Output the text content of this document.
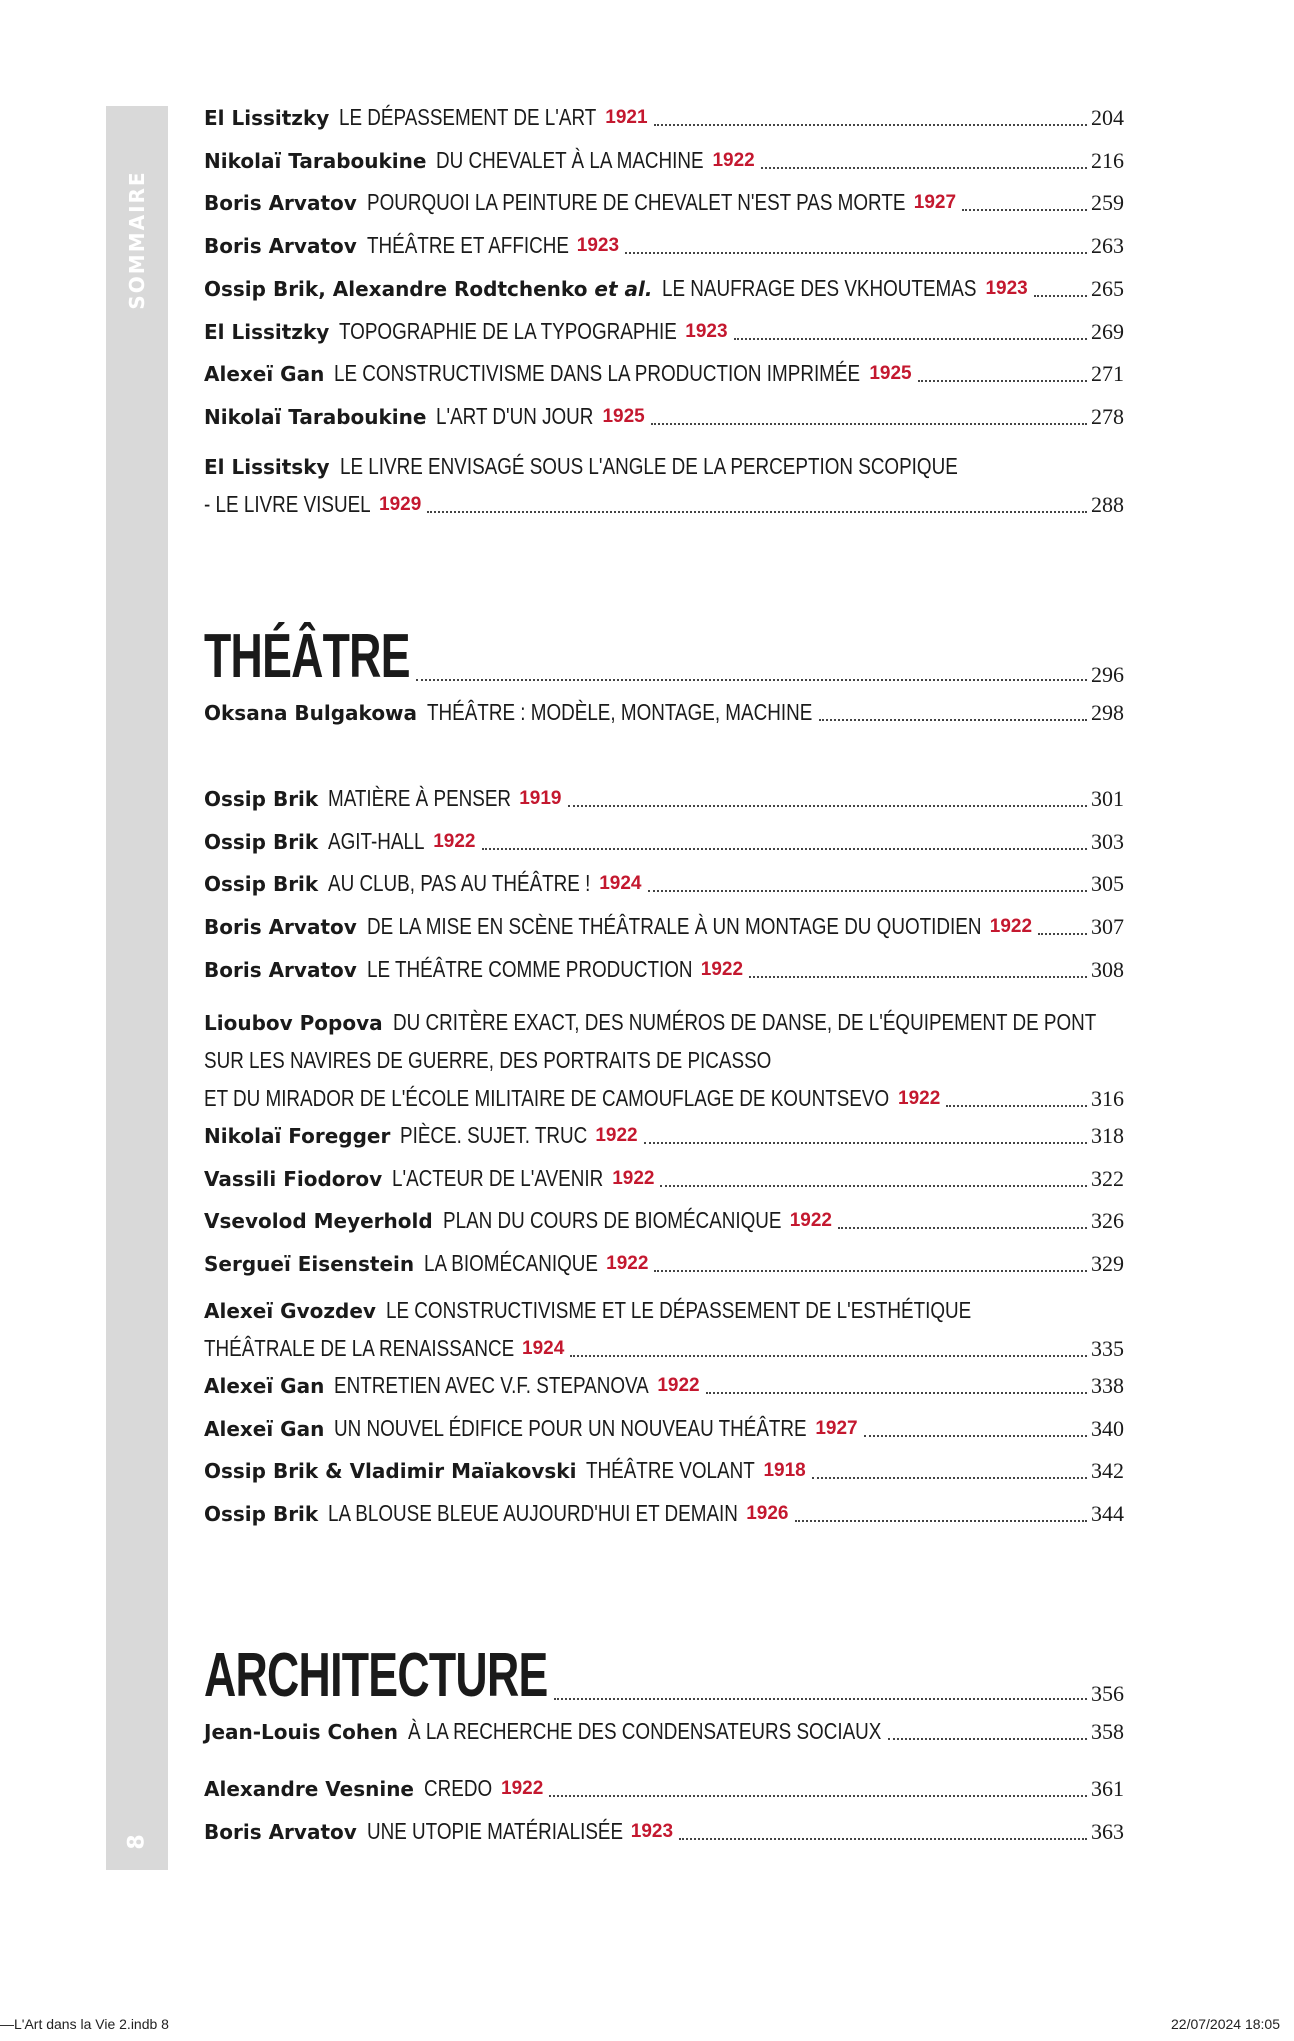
SOMMAIRE
8
El Lissitzky LE DÉPASSEMENT DE L'ART 1921	204
Nikolaï Taraboukine DU CHEVALET À LA MACHINE 1922	216
Boris Arvatov POURQUOI LA PEINTURE DE CHEVALET N'EST PAS MORTE 1927	259
Boris Arvatov THÉÂTRE ET AFFICHE 1923	263
Ossip Brik, Alexandre Rodtchenko et al. LE NAUFRAGE DES VKHOUTEMAS 1923	265
El Lissitzky TOPOGRAPHIE DE LA TYPOGRAPHIE 1923	269
Alexeï Gan LE CONSTRUCTIVISME DANS LA PRODUCTION IMPRIMÉE 1925	271
Nikolaï Taraboukine L'ART D'UN JOUR 1925	278
El Lissitsky LE LIVRE ENVISAGÉ SOUS L'ANGLE DE LA PERCEPTION SCOPIQUE
- LE LIVRE VISUEL 1929	288
THÉÂTRE	296
Oksana Bulgakowa THÉÂTRE : MODÈLE, MONTAGE, MACHINE	298
Ossip Brik MATIÈRE À PENSER 1919	301
Ossip Brik AGIT-HALL 1922	303
Ossip Brik AU CLUB, PAS AU THÉÂTRE ! 1924	305
Boris Arvatov DE LA MISE EN SCÈNE THÉÂTRALE À UN MONTAGE DU QUOTIDIEN 1922	307
Boris Arvatov LE THÉÂTRE COMME PRODUCTION 1922	308
Lioubov Popova DU CRITÈRE EXACT, DES NUMÉROS DE DANSE, DE L'ÉQUIPEMENT DE PONT
SUR LES NAVIRES DE GUERRE, DES PORTRAITS DE PICASSO
ET DU MIRADOR DE L'ÉCOLE MILITAIRE DE CAMOUFLAGE DE KOUNTSEVO 1922	316
Nikolaï Foregger PIÈCE. SUJET. TRUC 1922	318
Vassili Fiodorov L'ACTEUR DE L'AVENIR 1922	322
Vsevolod Meyerhold PLAN DU COURS DE BIOMÉCANIQUE 1922	326
Sergueï Eisenstein LA BIOMÉCANIQUE 1922	329
Alexeï Gvozdev LE CONSTRUCTIVISME ET LE DÉPASSEMENT DE L'ESTHÉTIQUE
THÉÂTRALE DE LA RENAISSANCE 1924	335
Alexeï Gan ENTRETIEN AVEC V.F. STEPANOVA 1922	338
Alexeï Gan UN NOUVEL ÉDIFICE POUR UN NOUVEAU THÉÂTRE 1927	340
Ossip Brik & Vladimir Maïakovski THÉÂTRE VOLANT 1918	342
Ossip Brik LA BLOUSE BLEUE AUJOURD'HUI ET DEMAIN 1926	344
ARCHITECTURE	356
Jean-Louis Cohen À LA RECHERCHE DES CONDENSATEURS SOCIAUX	358
Alexandre Vesnine CREDO 1922	361
Boris Arvatov UNE UTOPIE MATÉRIALISÉE 1923	363
—L'Art dans la Vie 2.indb 8	22/07/2024 18:05
